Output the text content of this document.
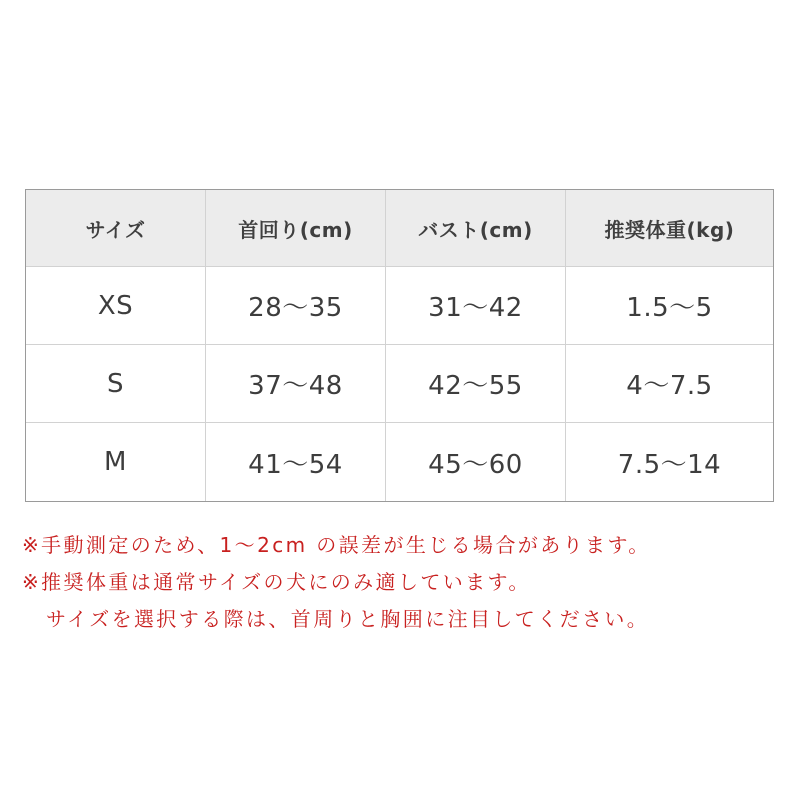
サイズ	首回り(cm)	バスト(cm)	推奨体重(kg)
XS	28〜35	31〜42	1.5〜5
S	37〜48	42〜55	4〜7.5
M	41〜54	45〜60	7.5〜14
※手動測定のため、1〜2cm の誤差が生じる場合があります。
※推奨体重は通常サイズの犬にのみ適しています。
サイズを選択する際は、首周りと胸囲に注目してください。
